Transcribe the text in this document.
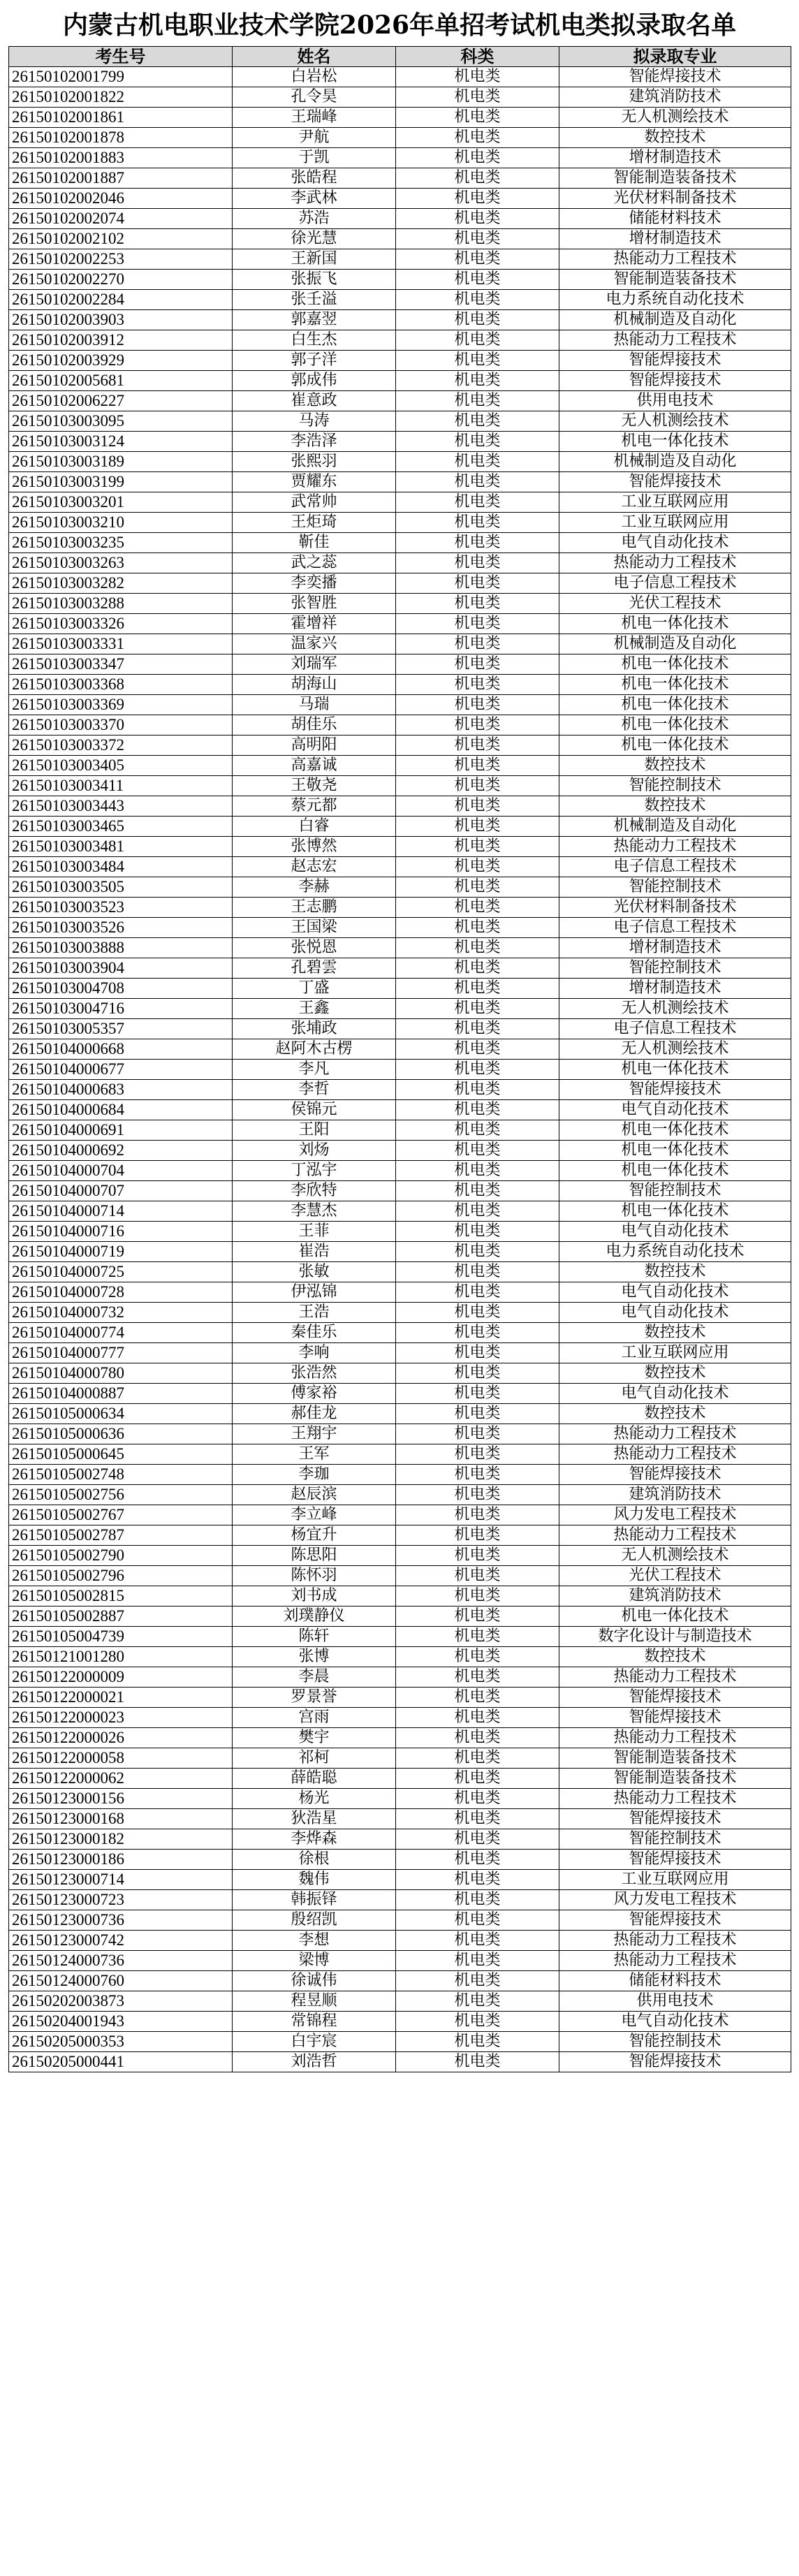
内蒙古机电职业技术学院2026年单招考试机电类拟录取名单
考生号	姓名	科类	拟录取专业
26150102001799	白岩松	机电类	智能焊接技术
26150102001822	孔令昊	机电类	建筑消防技术
26150102001861	王瑞峰	机电类	无人机测绘技术
26150102001878	尹航	机电类	数控技术
26150102001883	于凯	机电类	增材制造技术
26150102001887	张皓程	机电类	智能制造装备技术
26150102002046	李武林	机电类	光伏材料制备技术
26150102002074	苏浩	机电类	储能材料技术
26150102002102	徐光慧	机电类	增材制造技术
26150102002253	王新国	机电类	热能动力工程技术
26150102002270	张振飞	机电类	智能制造装备技术
26150102002284	张壬溢	机电类	电力系统自动化技术
26150102003903	郭嘉翌	机电类	机械制造及自动化
26150102003912	白生杰	机电类	热能动力工程技术
26150102003929	郭子洋	机电类	智能焊接技术
26150102005681	郭成伟	机电类	智能焊接技术
26150102006227	崔意政	机电类	供用电技术
26150103003095	马涛	机电类	无人机测绘技术
26150103003124	李浩泽	机电类	机电一体化技术
26150103003189	张熙羽	机电类	机械制造及自动化
26150103003199	贾耀东	机电类	智能焊接技术
26150103003201	武常帅	机电类	工业互联网应用
26150103003210	王炬琦	机电类	工业互联网应用
26150103003235	靳佳	机电类	电气自动化技术
26150103003263	武之蕊	机电类	热能动力工程技术
26150103003282	李奕播	机电类	电子信息工程技术
26150103003288	张智胜	机电类	光伏工程技术
26150103003326	霍增祥	机电类	机电一体化技术
26150103003331	温家兴	机电类	机械制造及自动化
26150103003347	刘瑞军	机电类	机电一体化技术
26150103003368	胡海山	机电类	机电一体化技术
26150103003369	马瑞	机电类	机电一体化技术
26150103003370	胡佳乐	机电类	机电一体化技术
26150103003372	高明阳	机电类	机电一体化技术
26150103003405	高嘉诚	机电类	数控技术
26150103003411	王敬尧	机电类	智能控制技术
26150103003443	蔡元都	机电类	数控技术
26150103003465	白睿	机电类	机械制造及自动化
26150103003481	张博然	机电类	热能动力工程技术
26150103003484	赵志宏	机电类	电子信息工程技术
26150103003505	李赫	机电类	智能控制技术
26150103003523	王志鹏	机电类	光伏材料制备技术
26150103003526	王国梁	机电类	电子信息工程技术
26150103003888	张悦恩	机电类	增材制造技术
26150103003904	孔碧雲	机电类	智能控制技术
26150103004708	丁盛	机电类	增材制造技术
26150103004716	王鑫	机电类	无人机测绘技术
26150103005357	张埔政	机电类	电子信息工程技术
26150104000668	赵阿木古楞	机电类	无人机测绘技术
26150104000677	李凡	机电类	机电一体化技术
26150104000683	李哲	机电类	智能焊接技术
26150104000684	侯锦元	机电类	电气自动化技术
26150104000691	王阳	机电类	机电一体化技术
26150104000692	刘炀	机电类	机电一体化技术
26150104000704	丁泓宇	机电类	机电一体化技术
26150104000707	李欣特	机电类	智能控制技术
26150104000714	李慧杰	机电类	机电一体化技术
26150104000716	王菲	机电类	电气自动化技术
26150104000719	崔浩	机电类	电力系统自动化技术
26150104000725	张敏	机电类	数控技术
26150104000728	伊泓锦	机电类	电气自动化技术
26150104000732	王浩	机电类	电气自动化技术
26150104000774	秦佳乐	机电类	数控技术
26150104000777	李响	机电类	工业互联网应用
26150104000780	张浩然	机电类	数控技术
26150104000887	傅家裕	机电类	电气自动化技术
26150105000634	郝佳龙	机电类	数控技术
26150105000636	王翔宇	机电类	热能动力工程技术
26150105000645	王军	机电类	热能动力工程技术
26150105002748	李珈	机电类	智能焊接技术
26150105002756	赵辰滨	机电类	建筑消防技术
26150105002767	李立峰	机电类	风力发电工程技术
26150105002787	杨宜升	机电类	热能动力工程技术
26150105002790	陈思阳	机电类	无人机测绘技术
26150105002796	陈怀羽	机电类	光伏工程技术
26150105002815	刘书成	机电类	建筑消防技术
26150105002887	刘璞静仪	机电类	机电一体化技术
26150105004739	陈轩	机电类	数字化设计与制造技术
26150121001280	张博	机电类	数控技术
26150122000009	李晨	机电类	热能动力工程技术
26150122000021	罗景誉	机电类	智能焊接技术
26150122000023	宫雨	机电类	智能焊接技术
26150122000026	樊宇	机电类	热能动力工程技术
26150122000058	祁柯	机电类	智能制造装备技术
26150122000062	薛皓聪	机电类	智能制造装备技术
26150123000156	杨光	机电类	热能动力工程技术
26150123000168	狄浩星	机电类	智能焊接技术
26150123000182	李烨森	机电类	智能控制技术
26150123000186	徐根	机电类	智能焊接技术
26150123000714	魏伟	机电类	工业互联网应用
26150123000723	韩振铎	机电类	风力发电工程技术
26150123000736	殷绍凯	机电类	智能焊接技术
26150123000742	李想	机电类	热能动力工程技术
26150124000736	梁博	机电类	热能动力工程技术
26150124000760	徐诚伟	机电类	储能材料技术
26150202003873	程昱顺	机电类	供用电技术
26150204001943	常锦程	机电类	电气自动化技术
26150205000353	白宇宸	机电类	智能控制技术
26150205000441	刘浩哲	机电类	智能焊接技术
